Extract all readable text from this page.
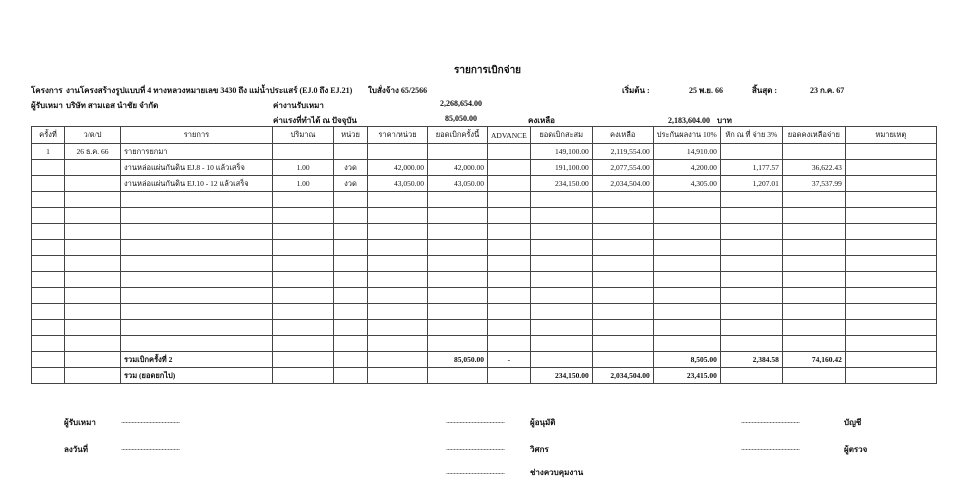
รายการเบิกจ่าย
โครงการ งานโครงสร้างรูปแบบที่ 4 ทางหลวงหมายเลข 3430 ถึง แม่น้ำประแสร์ (EJ.0 ถึง EJ.21)	ใบสั่งจ้าง 65/2566	เริ่มต้น :	25 พ.ย. 66	สิ้นสุด :	23 ก.ค. 67
ผู้รับเหมา บริษัท สามเอส นำชัย จำกัด	ค่างานรับเหมา	2,268,654.00
ค่าแรงที่ทำได้ ณ ปัจจุบัน	85,050.00	คงเหลือ	2,183,604.00 บาท
ครั้งที่	ว/ด/ป	รายการ	ปริมาณ	หน่วย	ราคา/หน่วย	ยอดเบิกครั้งนี้	ADVANCE	ยอดเบิกสะสม	คงเหลือ	ประกันผลงาน 10%	หัก ณ ที่ จ่าย 3%	ยอดคงเหลือจ่าย	หมายเหตุ
1	26 ธ.ค. 66	รายการยกมา						149,100.00	2,119,554.00	14,910.00			
		งานหล่อแผ่นกันดิน EJ.8 - 10 แล้วเสร็จ	1.00	งวด	42,000.00	42,000.00		191,100.00	2,077,554.00	4,200.00	1,177.57	36,622.43	
		งานหล่อแผ่นกันดิน EJ.10 - 12 แล้วเสร็จ	1.00	งวด	43,050.00	43,050.00		234,150.00	2,034,504.00	4,305.00	1,207.01	37,537.99	

		รวมเบิกครั้งที่ 2				85,050.00	-			8,505.00	2,384.58	74,160.42	
		รวม (ยอดยกไป)						234,150.00	2,034,504.00	23,415.00			
ผู้รับเหมา	.......................................
ลงวันที่	.......................................
.......................................	ผู้อนุมัติ
.......................................	วิศกร
.......................................	ช่างควบคุมงาน
.......................................	บัญชี
.......................................	ผู้ตรวจ
